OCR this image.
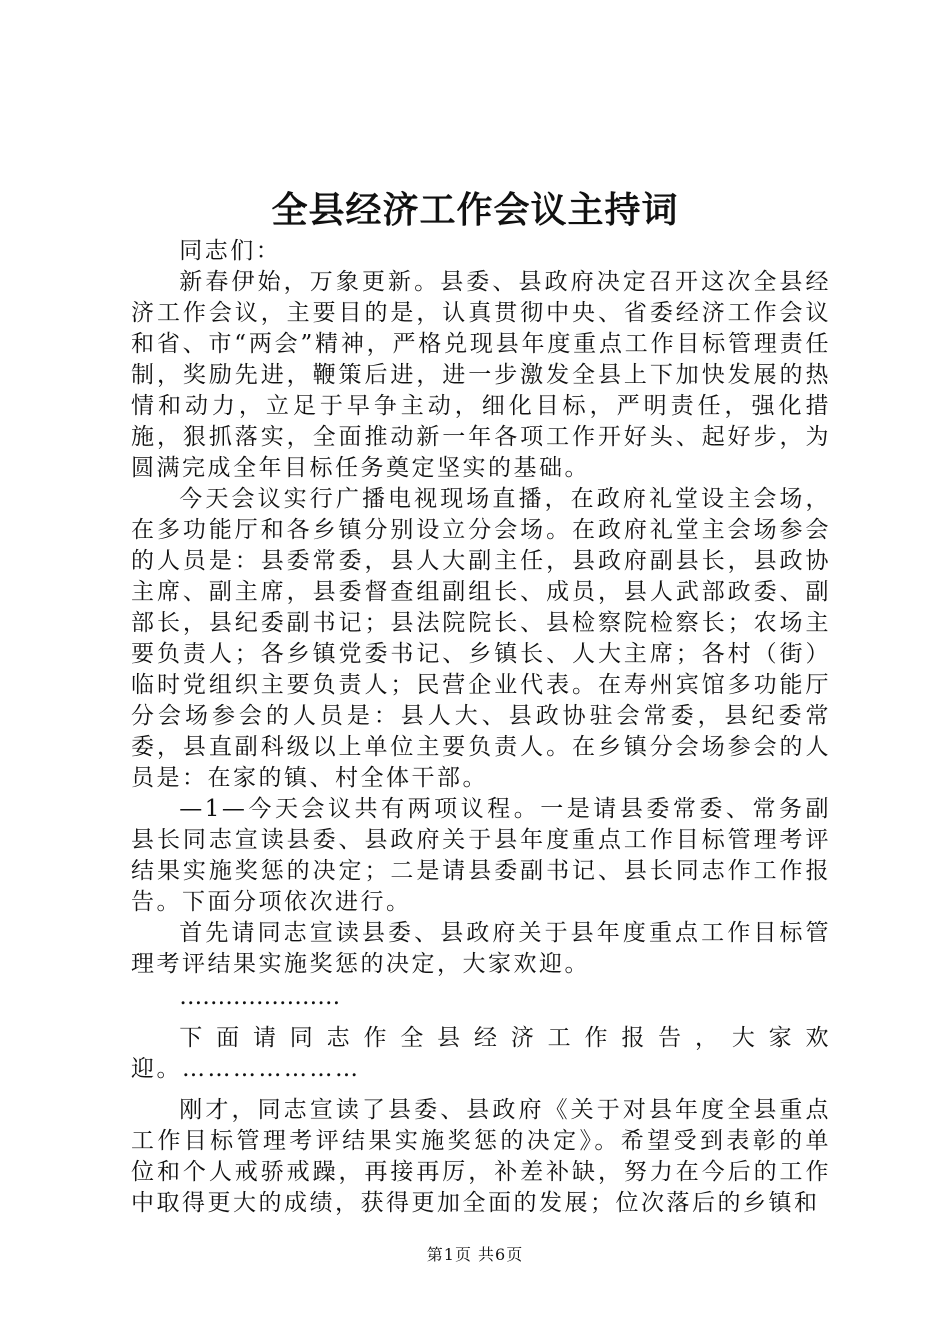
全县经济工作会议主持词

同志们：

新春伊始，万象更新。县委、县政府决定召开这次全县经济工作会议，主要目的是，认真贯彻中央、省委经济工作会议和省、市“两会”精神，严格兑现县年度重点工作目标管理责任制，奖励先进，鞭策后进，进一步激发全县上下加快发展的热情和动力，立足于早争主动，细化目标，严明责任，强化措施，狠抓落实，全面推动新一年各项工作开好头、起好步，为圆满完成全年目标任务奠定坚实的基础。

今天会议实行广播电视现场直播，在政府礼堂设主会场，在多功能厅和各乡镇分别设立分会场。在政府礼堂主会场参会的人员是：县委常委，县人大副主任，县政府副县长，县政协主席、副主席，县委督查组副组长、成员，县人武部政委、副部长，县纪委副书记；县法院院长、县检察院检察长；农场主要负责人；各乡镇党委书记、乡镇长、人大主席；各村（街）临时党组织主要负责人；民营企业代表。在寿州宾馆多功能厅分会场参会的人员是：县人大、县政协驻会常委，县纪委常委，县直副科级以上单位主要负责人。在乡镇分会场参会的人员是：在家的镇、村全体干部。

—1—今天会议共有两项议程。一是请县委常委、常务副县长同志宣读县委、县政府关于县年度重点工作目标管理考评结果实施奖惩的决定；二是请县委副书记、县长同志作工作报告。下面分项依次进行。

首先请同志宣读县委、县政府关于县年度重点工作目标管理考评结果实施奖惩的决定，大家欢迎。

…………………

下面请同志作全县经济工作报告，大家欢迎。…………………

刚才，同志宣读了县委、县政府《关于对县年度全县重点工作目标管理考评结果实施奖惩的决定》。希望受到表彰的单位和个人戒骄戒躁，再接再厉，补差补缺，努力在今后的工作中取得更大的成绩，获得更加全面的发展；位次落后的乡镇和

第1页 共6页
